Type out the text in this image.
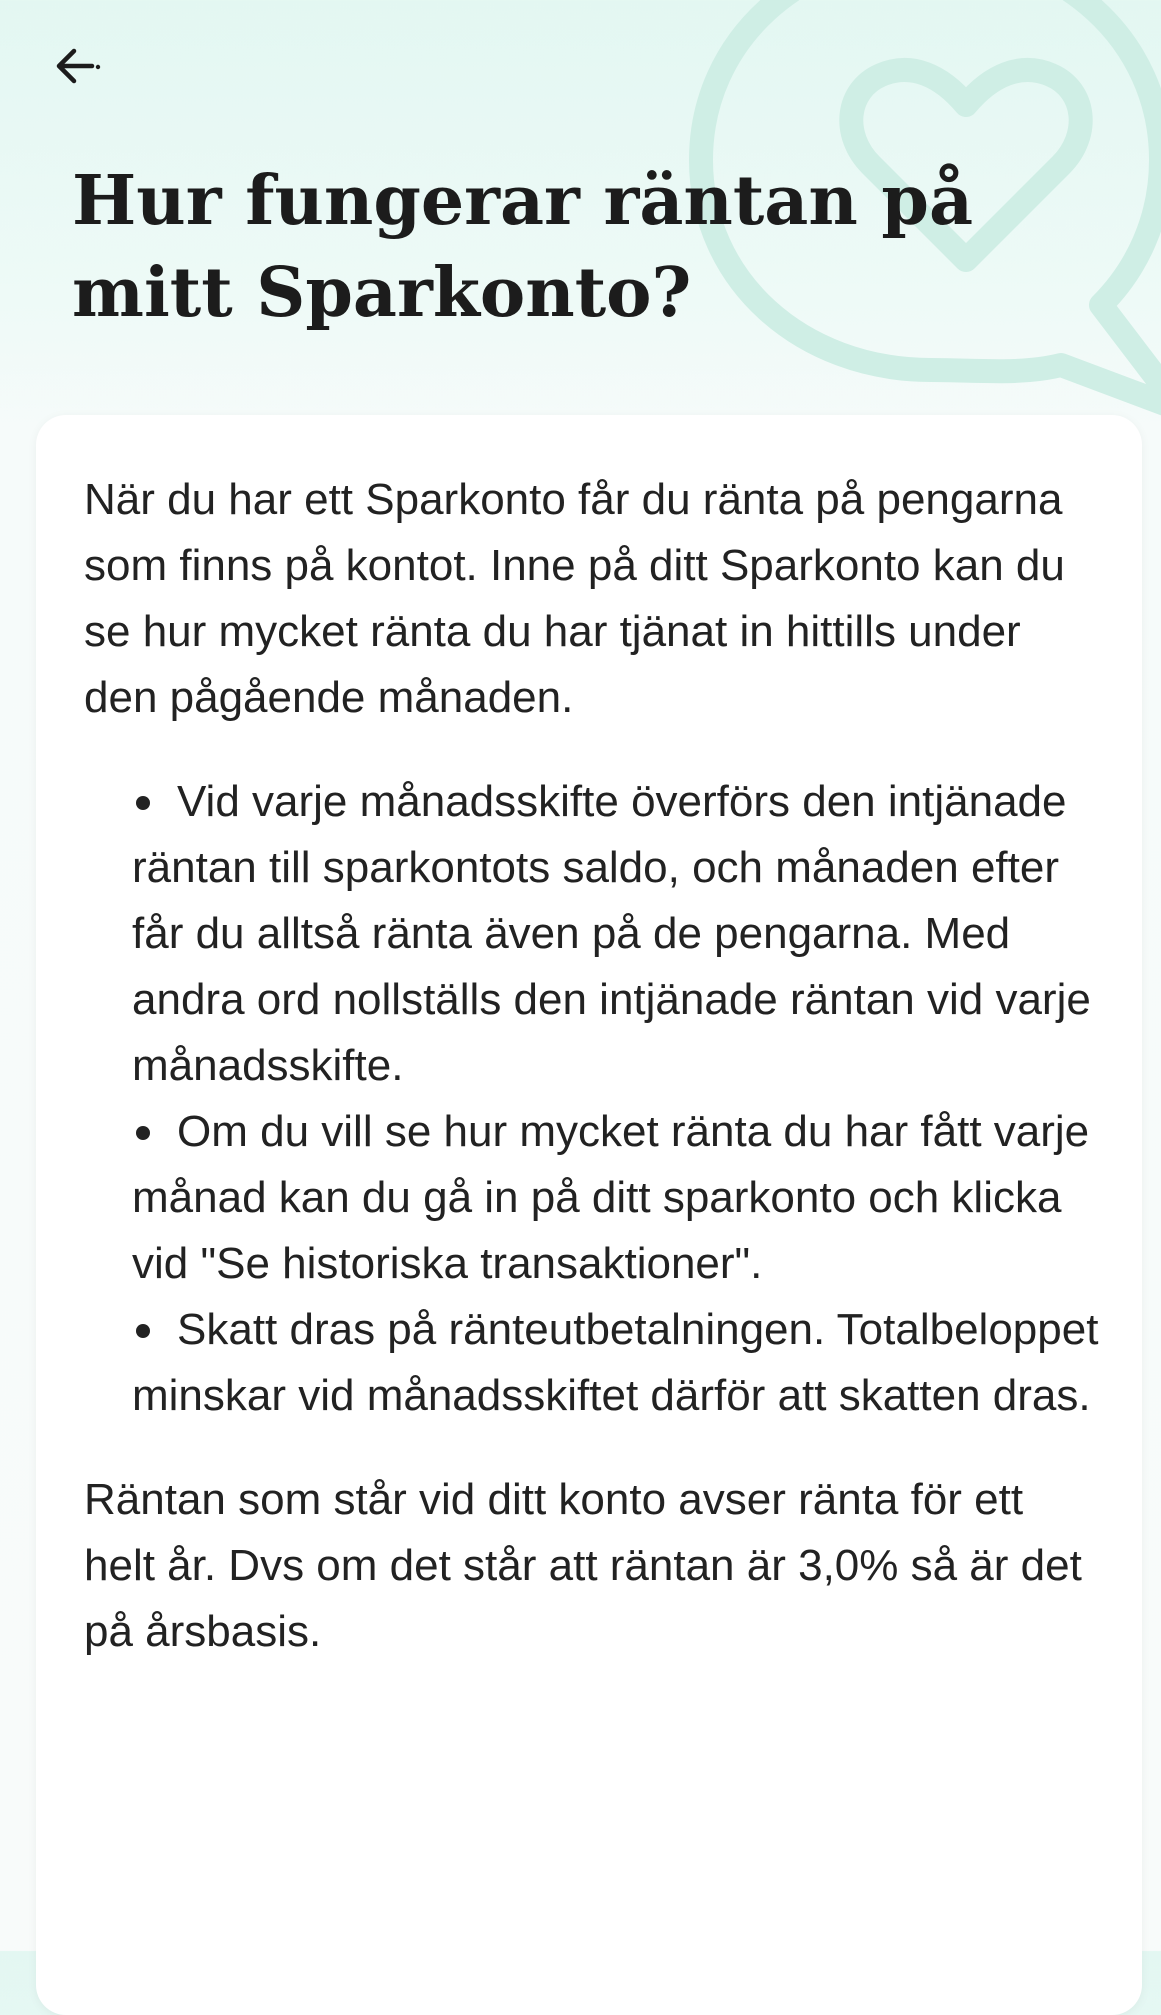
Hur fungerar räntan på mitt Sparkonto?

När du har ett Sparkonto får du ränta på pengarna som finns på kontot. Inne på ditt Sparkonto kan du se hur mycket ränta du har tjänat in hittills under den pågående månaden.

Vid varje månadsskifte överförs den intjänade räntan till sparkontots saldo, och månaden efter får du alltså ränta även på de pengarna. Med andra ord nollställs den intjänade räntan vid varje månadsskifte.
Om du vill se hur mycket ränta du har fått varje månad kan du gå in på ditt sparkonto och klicka vid "Se historiska transaktioner".
Skatt dras på ränteutbetalningen. Totalbeloppet minskar vid månadsskiftet därför att skatten dras.

Räntan som står vid ditt konto avser ränta för ett helt år. Dvs om det står att räntan är 3,0% så är det på årsbasis.
